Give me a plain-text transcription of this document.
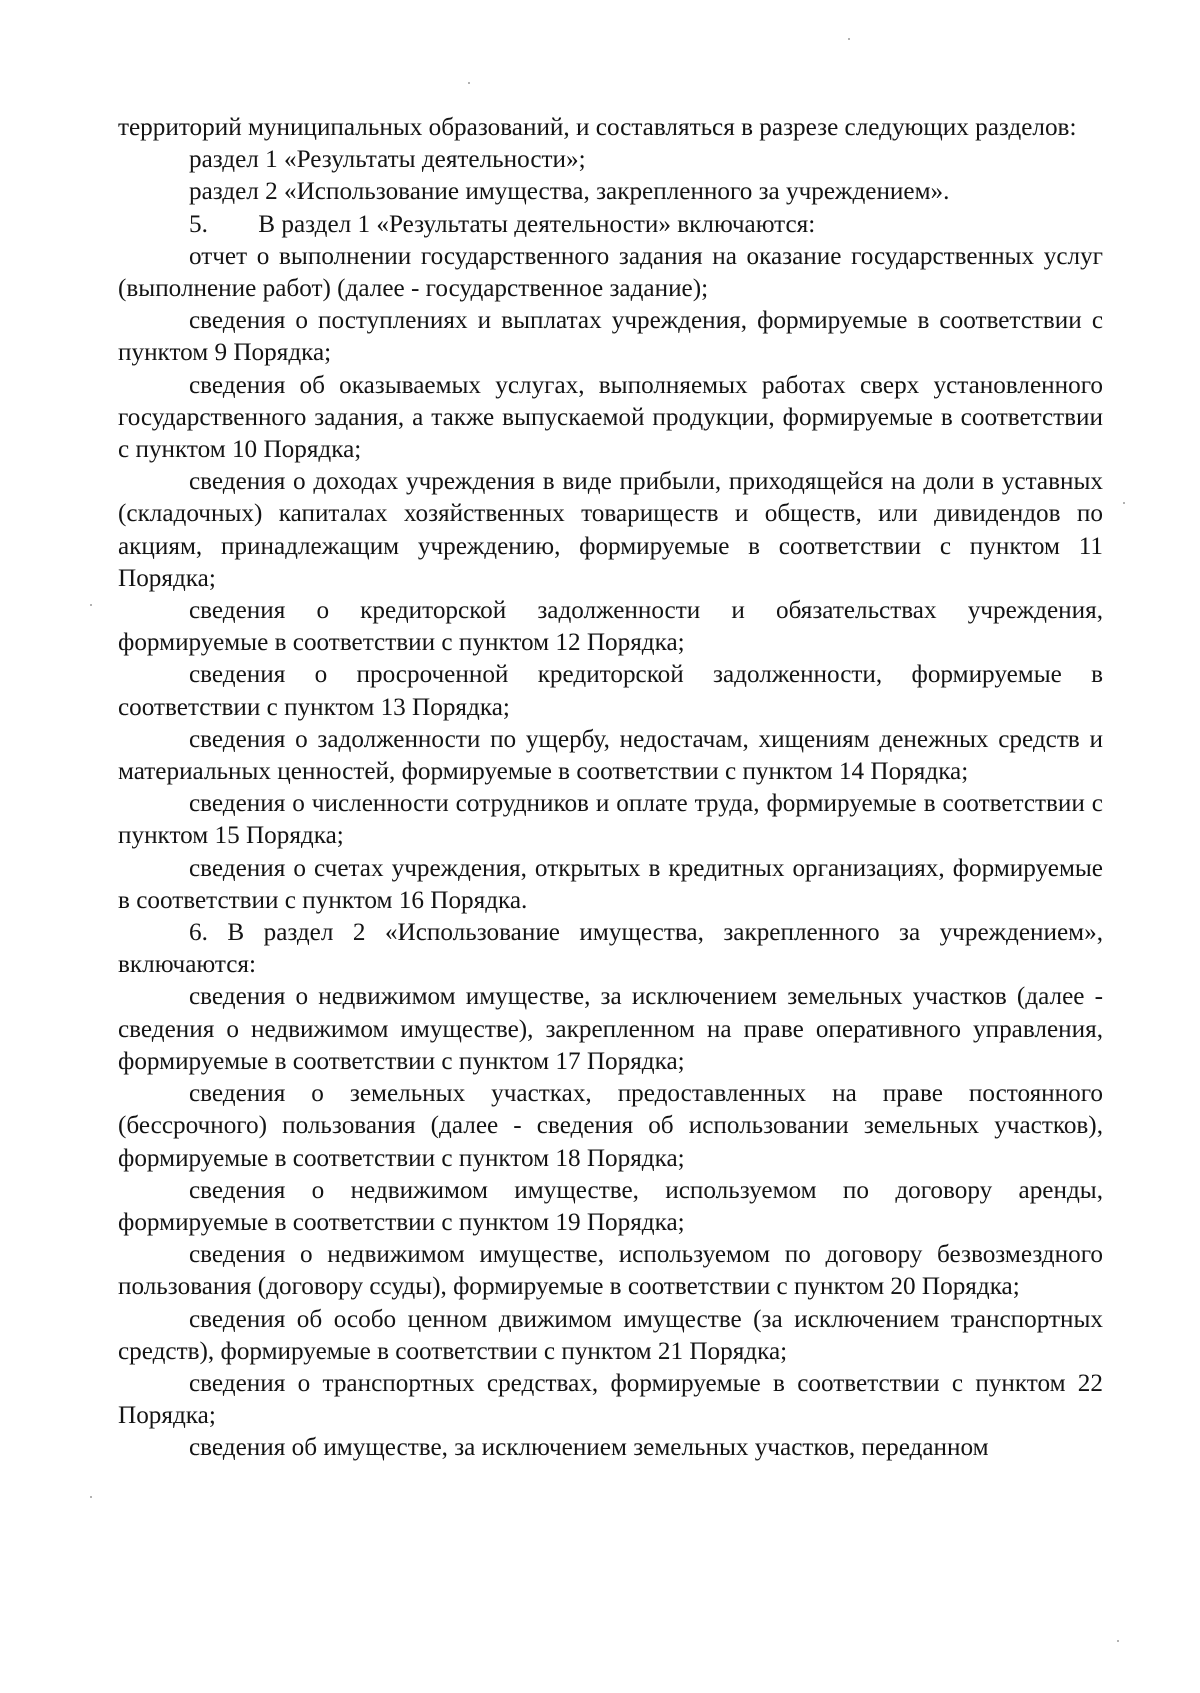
территорий муниципальных образований, и составляться в разрезе следующих разделов:

раздел 1 «Результаты деятельности»;

раздел 2 «Использование имущества, закрепленного за учреждением».

5.  В раздел 1 «Результаты деятельности» включаются:

отчет о выполнении государственного задания на оказание государственных услуг (выполнение работ) (далее - государственное задание);

сведения о поступлениях и выплатах учреждения, формируемые в соответствии с пунктом 9 Порядка;

сведения об оказываемых услугах, выполняемых работах сверх установленного государственного задания, а также выпускаемой продукции, формируемые в соответствии с пунктом 10 Порядка;

сведения о доходах учреждения в виде прибыли, приходящейся на доли в уставных (складочных) капиталах хозяйственных товариществ и обществ, или дивидендов по акциям, принадлежащим учреждению, формируемые в соответствии с пунктом 11 Порядка;

сведения о кредиторской задолженности и обязательствах учреждения, формируемые в соответствии с пунктом 12 Порядка;

сведения о просроченной кредиторской задолженности, формируемые в соответствии с пунктом 13 Порядка;

сведения о задолженности по ущербу, недостачам, хищениям денежных средств и материальных ценностей, формируемые в соответствии с пунктом 14 Порядка;

сведения о численности сотрудников и оплате труда, формируемые в соответствии с пунктом 15 Порядка;

сведения о счетах учреждения, открытых в кредитных организациях, формируемые в соответствии с пунктом 16 Порядка.

6. В раздел 2 «Использование имущества, закрепленного за учреждением», включаются:

сведения о недвижимом имуществе, за исключением земельных участков (далее - сведения о недвижимом имуществе), закрепленном на праве оперативного управления, формируемые в соответствии с пунктом 17 Порядка;

сведения о земельных участках, предоставленных на праве постоянного (бессрочного) пользования (далее - сведения об использовании земельных участков), формируемые в соответствии с пунктом 18 Порядка;

сведения о недвижимом имуществе, используемом по договору аренды, формируемые в соответствии с пунктом 19 Порядка;

сведения о недвижимом имуществе, используемом по договору безвозмездного пользования (договору ссуды), формируемые в соответствии с пунктом 20 Порядка;

сведения об особо ценном движимом имуществе (за исключением транспортных средств), формируемые в соответствии с пунктом 21 Порядка;

сведения о транспортных средствах, формируемые в соответствии с пунктом 22 Порядка;

сведения об имуществе, за исключением земельных участков, переданном
